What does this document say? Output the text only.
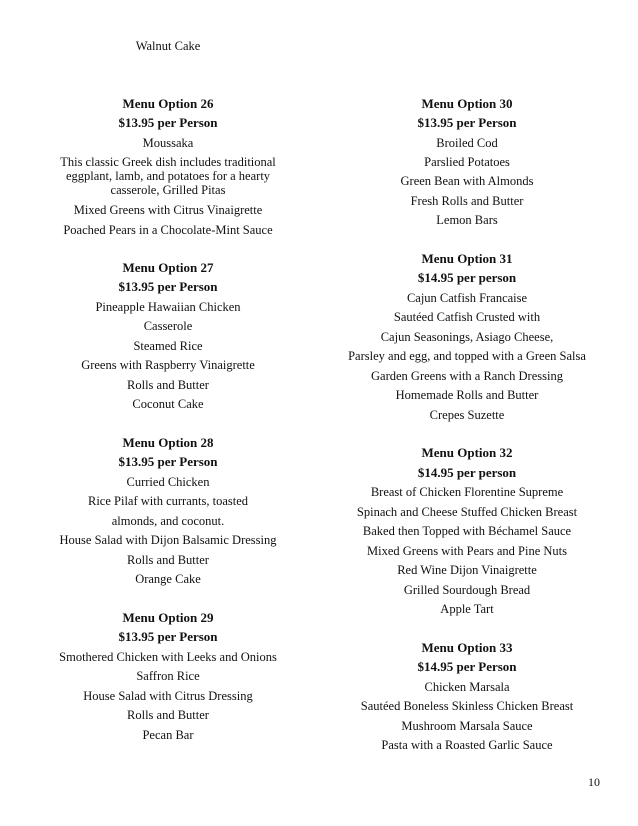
Walnut Cake
Menu Option 26
$13.95 per Person
Moussaka
This classic Greek dish includes traditional
eggplant, lamb, and potatoes for a hearty
casserole, Grilled Pitas
Mixed Greens with Citrus Vinaigrette
Poached Pears in a Chocolate-Mint Sauce
Menu Option 27
$13.95 per Person
Pineapple Hawaiian Chicken
Casserole
Steamed Rice
Greens with Raspberry Vinaigrette
Rolls and Butter
Coconut Cake
Menu Option 28
$13.95 per Person
Curried Chicken
Rice Pilaf with currants, toasted
almonds, and coconut.
House Salad with Dijon Balsamic Dressing
Rolls and Butter
Orange Cake
Menu Option 29
$13.95 per Person
Smothered Chicken with Leeks and Onions
Saffron Rice
House Salad with Citrus Dressing
Rolls and Butter
Pecan Bar
Menu Option 30
$13.95 per Person
Broiled Cod
Parslied Potatoes
Green Bean with Almonds
Fresh Rolls and Butter
Lemon Bars
Menu Option 31
$14.95 per person
Cajun Catfish Francaise
Sautéed Catfish Crusted with
Cajun Seasonings, Asiago Cheese,
Parsley and egg, and topped with a Green Salsa
Garden Greens with a Ranch Dressing
Homemade Rolls and Butter
Crepes Suzette
Menu Option 32
$14.95 per person
Breast of Chicken Florentine Supreme
Spinach and Cheese Stuffed Chicken Breast
Baked then Topped with Béchamel Sauce
Mixed Greens with Pears and Pine Nuts
Red Wine Dijon Vinaigrette
Grilled Sourdough Bread
Apple Tart
Menu Option 33
$14.95 per Person
Chicken Marsala
Sautéed Boneless Skinless Chicken Breast
Mushroom Marsala Sauce
Pasta with a Roasted Garlic Sauce
10
